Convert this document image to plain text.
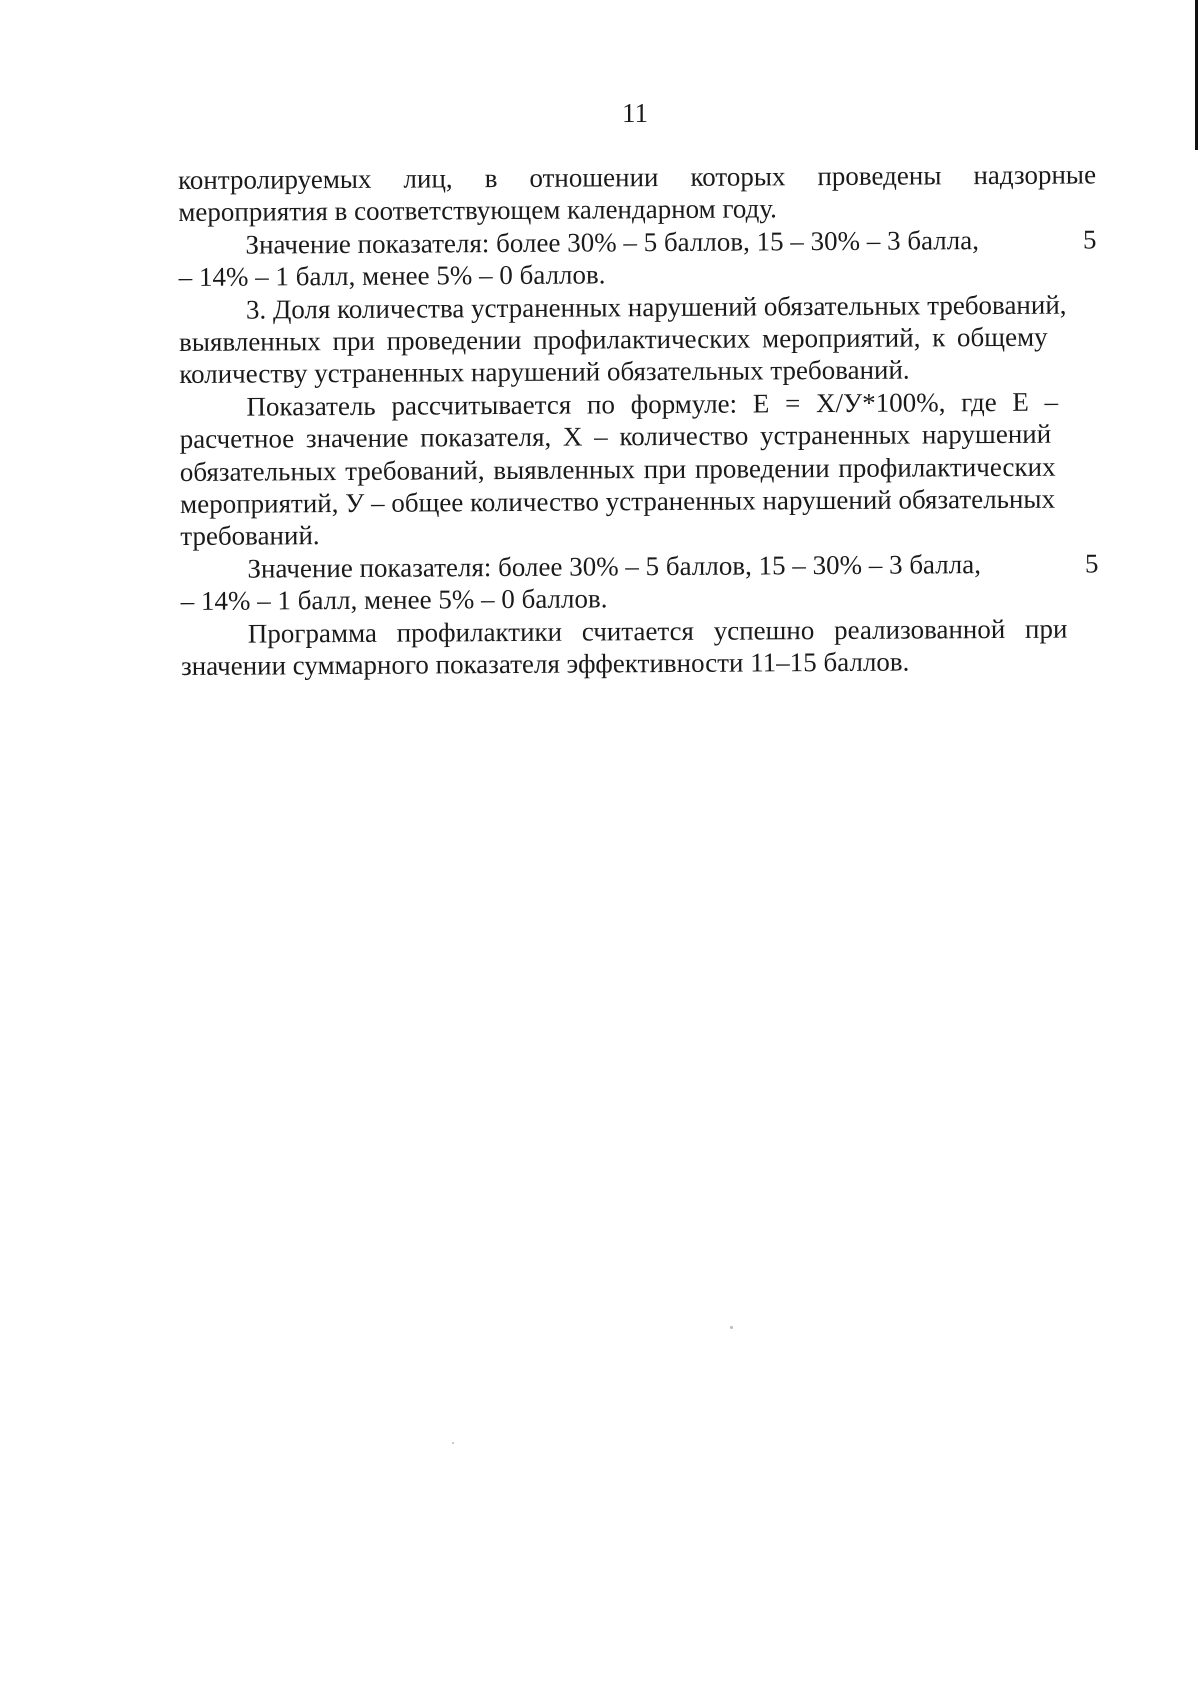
11
контролируемых лиц, в отношении которых проведены надзорные
мероприятия в соответствующем календарном году.
Значение показателя: более 30% – 5 баллов, 15 – 30% – 3 балла,	5
– 14% – 1 балл, менее 5% – 0 баллов.
3. Доля количества устраненных нарушений обязательных требований,
выявленных при проведении профилактических мероприятий, к общему
количеству устраненных нарушений обязательных требований.
Показатель рассчитывается по формуле: Е = Х/У*100%, где Е –
расчетное значение показателя, Х – количество устраненных нарушений
обязательных требований, выявленных при проведении профилактических
мероприятий, У – общее количество устраненных нарушений обязательных
требований.
Значение показателя: более 30% – 5 баллов, 15 – 30% – 3 балла,	5
– 14% – 1 балл, менее 5% – 0 баллов.
Программа профилактики считается успешно реализованной при
значении суммарного показателя эффективности 11–15 баллов.
